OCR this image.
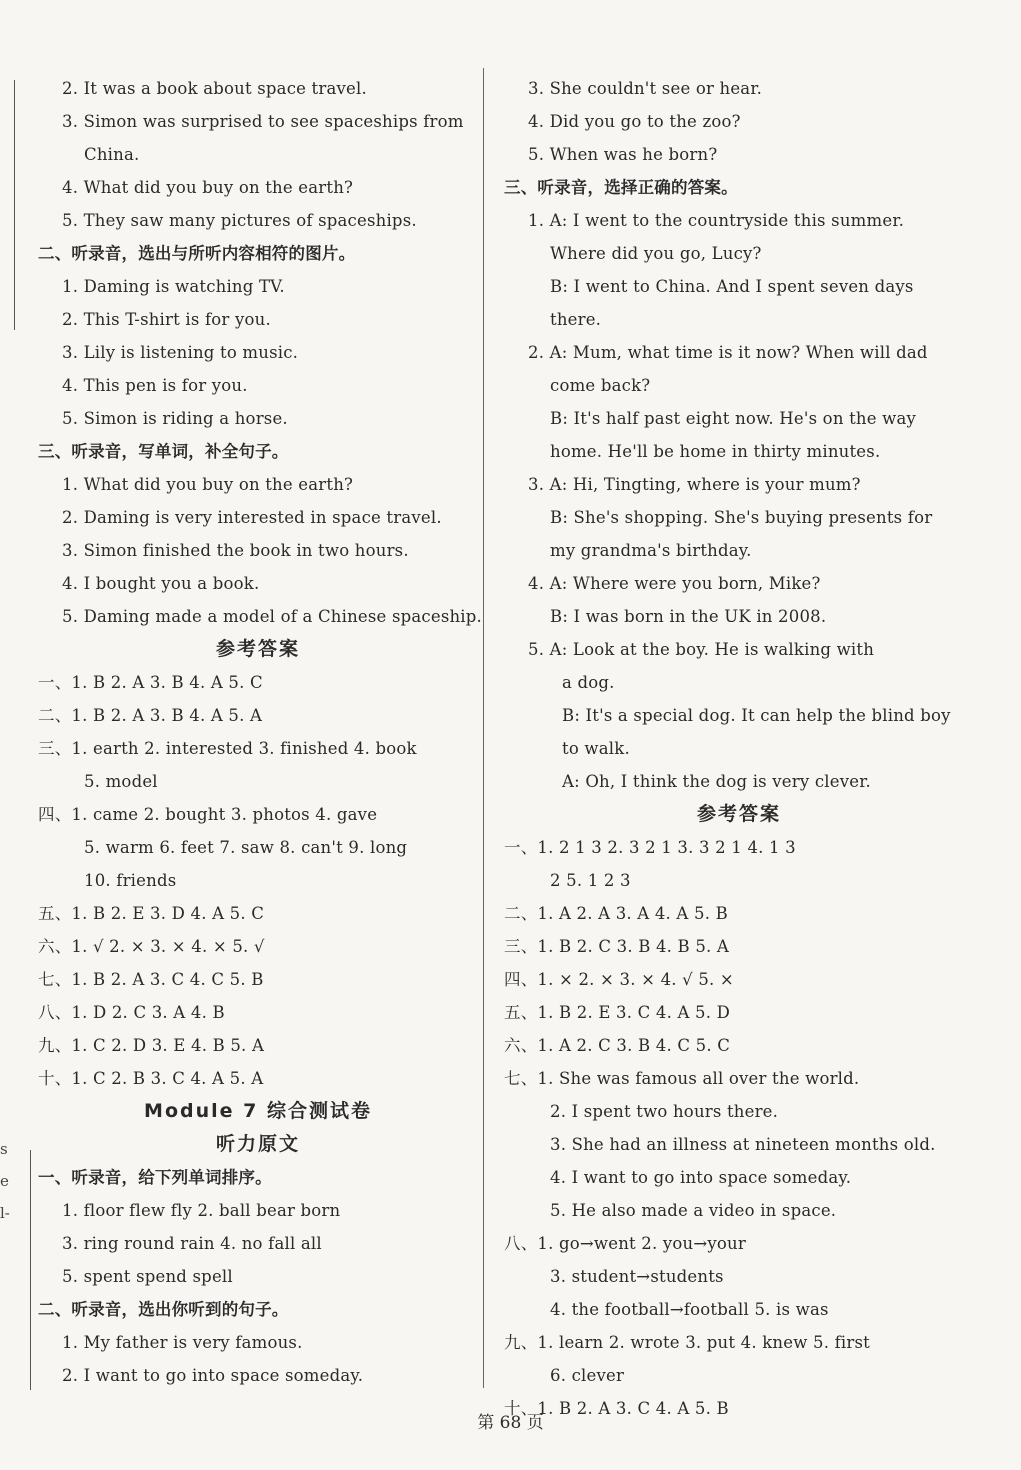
s
e
l-
2. It was a book about space travel.
3. Simon was surprised to see spaceships from
China.
4. What did you buy on the earth?
5. They saw many pictures of spaceships.
二、听录音，选出与所听内容相符的图片。
1. Daming is watching TV.
2. This T-shirt is for you.
3. Lily is listening to music.
4. This pen is for you.
5. Simon is riding a horse.
三、听录音，写单词，补全句子。
1. What did you buy on the earth?
2. Daming is very interested in space travel.
3. Simon finished the book in two hours.
4. I bought you a book.
5. Daming made a model of a Chinese spaceship.
参考答案
一、1. B 2. A 3. B 4. A 5. C
二、1. B 2. A 3. B 4. A 5. A
三、1. earth 2. interested 3. finished 4. book
5. model
四、1. came 2. bought 3. photos 4. gave
5. warm 6. feet 7. saw 8. can't 9. long
10. friends
五、1. B 2. E 3. D 4. A 5. C
六、1. √ 2. × 3. × 4. × 5. √
七、1. B 2. A 3. C 4. C 5. B
八、1. D 2. C 3. A 4. B
九、1. C 2. D 3. E 4. B 5. A
十、1. C 2. B 3. C 4. A 5. A
Module 7 综合测试卷
听力原文
一、听录音，给下列单词排序。
1. floor flew fly 2. ball bear born
3. ring round rain 4. no fall all
5. spent spend spell
二、听录音，选出你听到的句子。
1. My father is very famous.
2. I want to go into space someday.
3. She couldn't see or hear.
4. Did you go to the zoo?
5. When was he born?
三、听录音，选择正确的答案。
1. A: I went to the countryside this summer.
Where did you go, Lucy?
B: I went to China. And I spent seven days
there.
2. A: Mum, what time is it now? When will dad
come back?
B: It's half past eight now. He's on the way
home. He'll be home in thirty minutes.
3. A: Hi, Tingting, where is your mum?
B: She's shopping. She's buying presents for
my grandma's birthday.
4. A: Where were you born, Mike?
B: I was born in the UK in 2008.
5. A: Look at the boy. He is walking with
a dog.
B: It's a special dog. It can help the blind boy
to walk.
A: Oh, I think the dog is very clever.
参考答案
一、1. 2 1 3 2. 3 2 1 3. 3 2 1 4. 1 3
2 5. 1 2 3
二、1. A 2. A 3. A 4. A 5. B
三、1. B 2. C 3. B 4. B 5. A
四、1. × 2. × 3. × 4. √ 5. ×
五、1. B 2. E 3. C 4. A 5. D
六、1. A 2. C 3. B 4. C 5. C
七、1. She was famous all over the world.
2. I spent two hours there.
3. She had an illness at nineteen months old.
4. I want to go into space someday.
5. He also made a video in space.
八、1. go→went 2. you→your
3. student→students
4. the football→football 5. is was
九、1. learn 2. wrote 3. put 4. knew 5. first
6. clever
十、1. B 2. A 3. C 4. A 5. B
第 68 页
